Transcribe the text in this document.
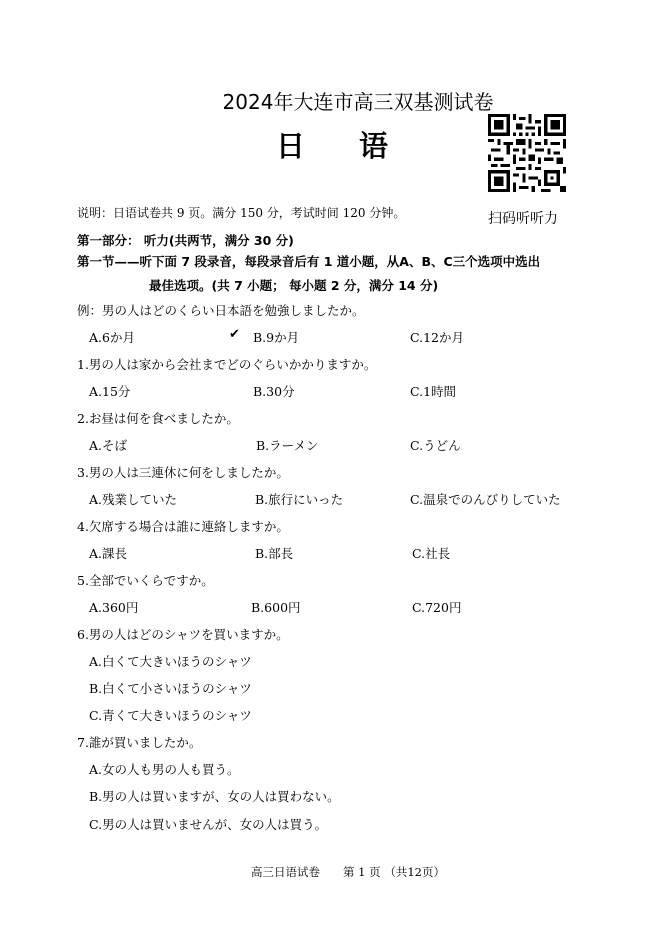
2024年大连市高三双基测试卷
日 语
扫码听听力
说明：日语试卷共 9 页。满分 150 分，考试时间 120 分钟。
第一部分： 听力(共两节，满分 30 分)
第一节——听下面 7 段录音，每段录音后有 1 道小题，从A、B、C三个选项中选出
最佳选项。(共 7 小题； 每小题 2 分，满分 14 分)
例：男の人はどのくらい日本語を勉強しましたか。
A.6か月	✔ B.9か月	C.12か月
1.男の人は家から会社までどのぐらいかかりますか。
A.15分	B.30分	C.1時間
2.お昼は何を食べましたか。
A.そば	B.ラーメン	C.うどん
3.男の人は三連休に何をしましたか。
A.残業していた	B.旅行にいった	C.温泉でのんびりしていた
4.欠席する場合は誰に連絡しますか。
A.課長	B.部長	C.社長
5.全部でいくらですか。
A.360円	B.600円	C.720円
6.男の人はどのシャツを買いますか。
A.白くて大きいほうのシャツ
B.白くて小さいほうのシャツ
C.青くて大きいほうのシャツ
7.誰が買いましたか。
A.女の人も男の人も買う。
B.男の人は買いますが、女の人は買わない。
C.男の人は買いませんが、女の人は買う。
高三日语试卷　　第 1 页 （共12页）
